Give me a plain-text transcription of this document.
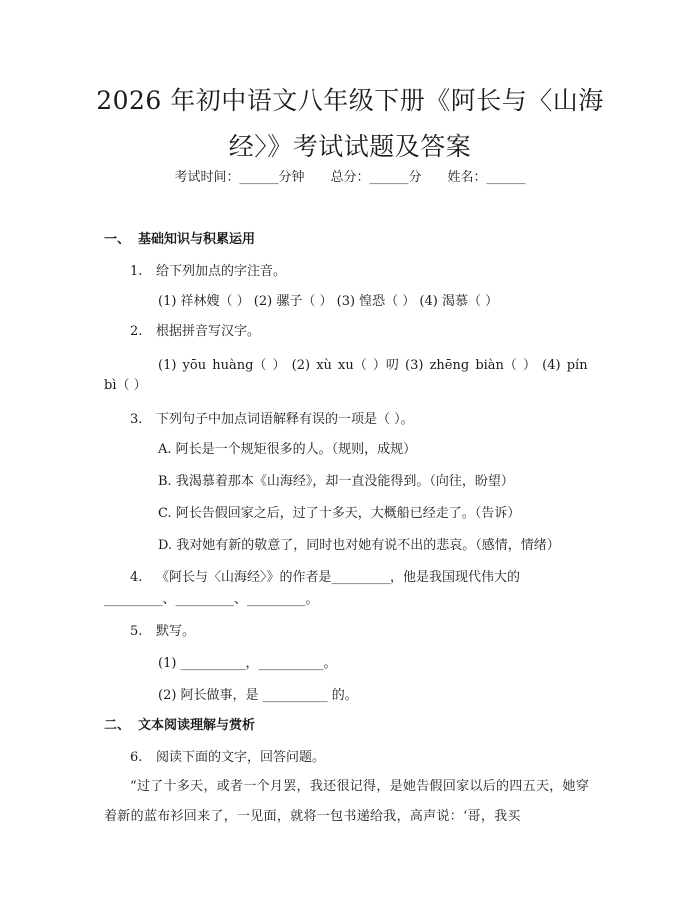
2026 年初中语文八年级下册《阿长与〈山海
经〉》考试试题及答案
考试时间：______分钟 总分：______分 姓名：______
一、 基础知识与积累运用
1. 给下列加点的字注音。
(1) 祥林嫂（ ） (2) 骡子（ ） (3) 惶恐（ ） (4) 渴慕（ ）
2. 根据拼音写汉字。
(1) yōu huàng（ ） (2) xù xu（ ）叨 (3) zhēng biàn（ ） (4) pín
bì（ ）
3. 下列句子中加点词语解释有误的一项是（ ）。
A. 阿长是一个规矩很多的人。（规则，成规）
B. 我渴慕着那本《山海经》，却一直没能得到。（向往，盼望）
C. 阿长告假回家之后，过了十多天，大概船已经走了。（告诉）
D. 我对她有新的敬意了，同时也对她有说不出的悲哀。（感情，情绪）
4. 《阿长与〈山海经〉》的作者是_________，他是我国现代伟大的
_________、_________、_________。
5. 默写。
(1) __________，__________。
(2) 阿长做事，是 __________ 的。
二、 文本阅读理解与赏析
6. 阅读下面的文字，回答问题。
“过了十多天，或者一个月罢，我还很记得，是她告假回家以后的四五天，她穿着新的蓝布衫回来了，一见面，就将一包书递给我，高声说：‘哥，我买
